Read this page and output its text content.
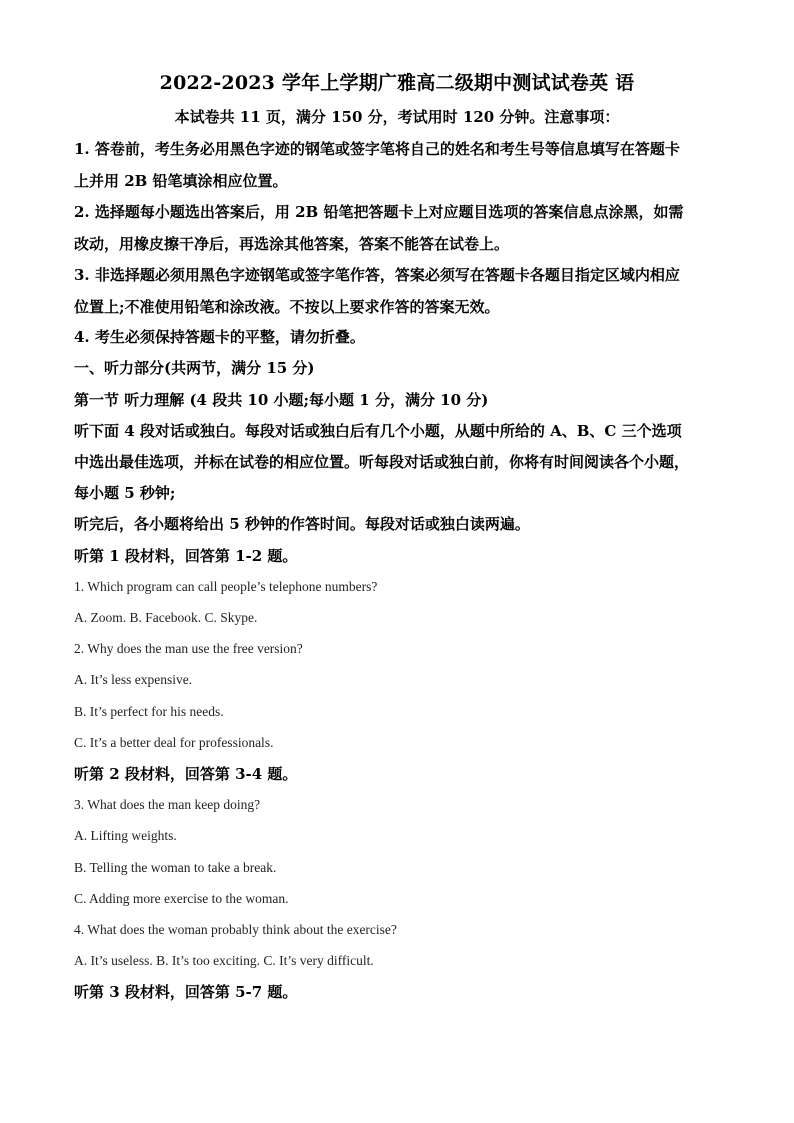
2022-2023 学年上学期广雅高二级期中测试试卷英 语
本试卷共 11 页，满分 150 分，考试用时 120 分钟。注意事项：
1. 答卷前，考生务必用黑色字迹的钢笔或签字笔将自己的姓名和考生号等信息填写在答题卡
上并用 2B 铅笔填涂相应位置。
2. 选择题每小题选出答案后，用 2B 铅笔把答题卡上对应题目选项的答案信息点涂黑，如需
改动，用橡皮擦干净后，再选涂其他答案，答案不能答在试卷上。
3. 非选择题必须用黑色字迹钢笔或签字笔作答，答案必须写在答题卡各题目指定区域内相应
位置上;不准使用铅笔和涂改液。不按以上要求作答的答案无效。
4. 考生必须保持答题卡的平整，请勿折叠。
一、听力部分(共两节，满分 15 分)
第一节 听力理解 (4 段共 10 小题;每小题 1 分，满分 10 分)
听下面 4 段对话或独白。每段对话或独白后有几个小题，从题中所给的 A、B、C 三个选项
中选出最佳选项，并标在试卷的相应位置。听每段对话或独白前，你将有时间阅读各个小题，
每小题 5 秒钟;
听完后，各小题将给出 5 秒钟的作答时间。每段对话或独白读两遍。
听第 1 段材料，回答第 1-2 题。
1. Which program can call people’s telephone numbers?
A. Zoom. B. Facebook. C. Skype.
2. Why does the man use the free version?
A. It’s less expensive.
B. It’s perfect for his needs.
C. It’s a better deal for professionals.
听第 2 段材料，回答第 3-4 题。
3. What does the man keep doing?
A. Lifting weights.
B. Telling the woman to take a break.
C. Adding more exercise to the woman.
4. What does the woman probably think about the exercise?
A. It’s useless. B. It’s too exciting. C. It’s very difficult.
听第 3 段材料，回答第 5-7 题。
